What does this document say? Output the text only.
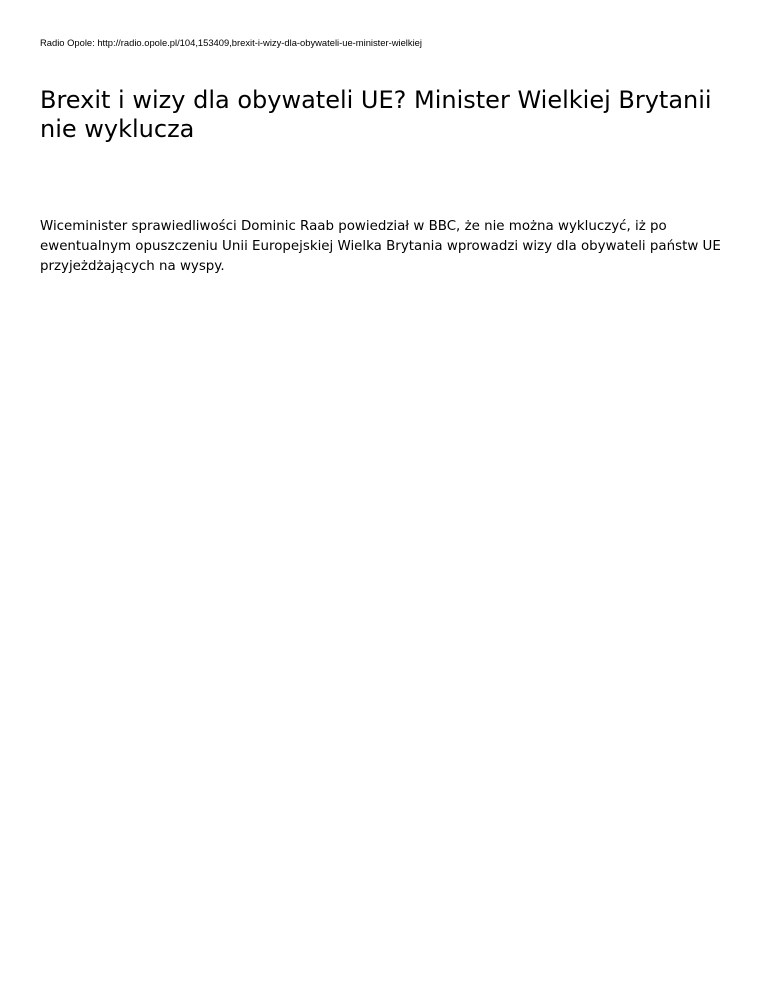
Radio Opole: http://radio.opole.pl/104,153409,brexit-i-wizy-dla-obywateli-ue-minister-wielkiej
Brexit i wizy dla obywateli UE? Minister Wielkiej Brytanii nie wyklucza

Wiceminister sprawiedliwości Dominic Raab powiedział w BBC, że nie można wykluczyć, iż po ewentualnym opuszczeniu Unii Europejskiej Wielka Brytania wprowadzi wizy dla obywateli państw UE przyjeżdżających na wyspy.
